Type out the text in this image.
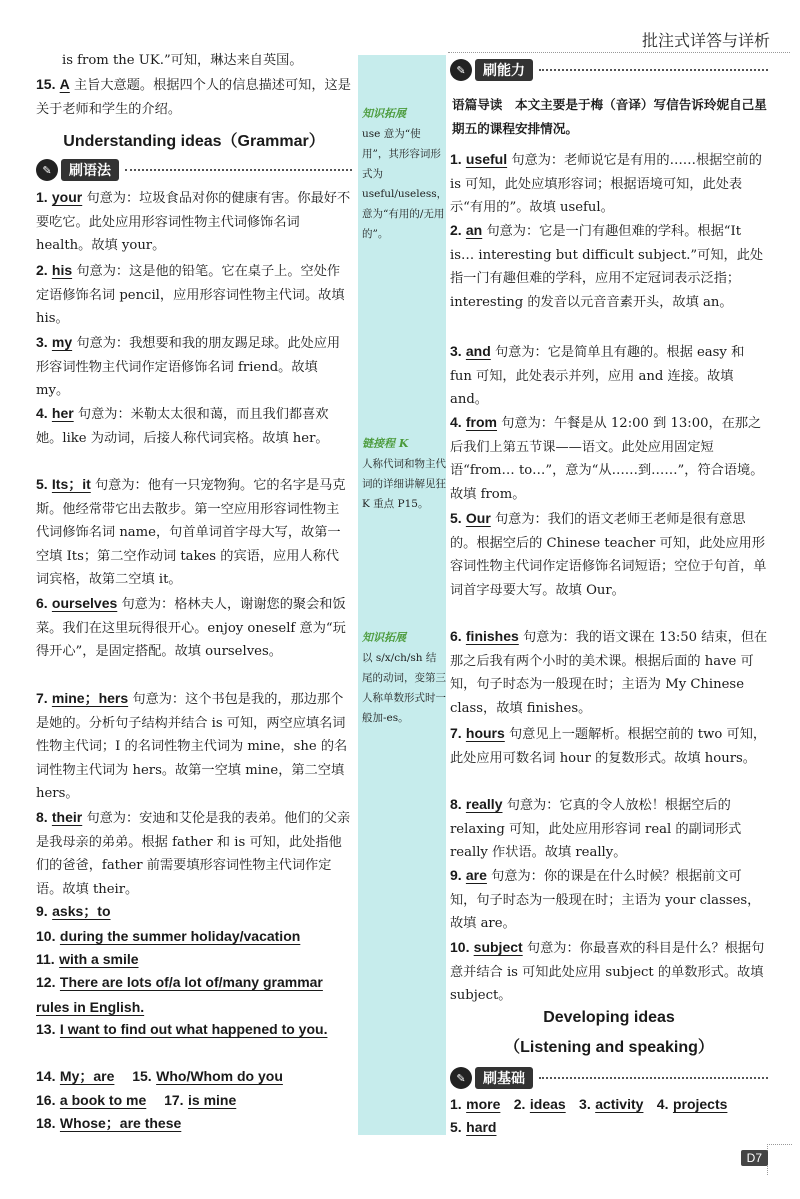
批注式详答与详析
知识拓展
use 意为“使用”，其形容词形式为 useful/useless，意为“有用的/无用的”。
链接程 K
人称代词和物主代词的详细讲解见狂 K 重点 P15。
知识拓展
以 s/x/ch/sh 结尾的动词，变第三人称单数形式时一般加-es。
is from the UK.”可知，琳达来自英国。
15. A 主旨大意题。根据四个人的信息描述可知，这是关于老师和学生的介绍。
Understanding ideas（Grammar）
✎	刷语法
1. your 句意为：垃圾食品对你的健康有害。你最好不要吃它。此处应用形容词性物主代词修饰名词 health。故填 your。
2. his 句意为：这是他的铅笔。它在桌子上。空处作定语修饰名词 pencil，应用形容词性物主代词。故填 his。
3. my 句意为：我想要和我的朋友踢足球。此处应用形容词性物主代词作定语修饰名词 friend。故填 my。
4. her 句意为：米勒太太很和蔼，而且我们都喜欢她。like 为动词，后接人称代词宾格。故填 her。
5. Its；it 句意为：他有一只宠物狗。它的名字是马克斯。他经常带它出去散步。第一空应用形容词性物主代词修饰名词 name，句首单词首字母大写，故第一空填 Its；第二空作动词 takes 的宾语，应用人称代词宾格，故第二空填 it。
6. ourselves 句意为：格林夫人，谢谢您的聚会和饭菜。我们在这里玩得很开心。enjoy oneself 意为“玩得开心”，是固定搭配。故填 ourselves。
7. mine；hers 句意为：这个书包是我的，那边那个是她的。分析句子结构并结合 is 可知，两空应填名词性物主代词；I 的名词性物主代词为 mine，she 的名词性物主代词为 hers。故第一空填 mine，第二空填 hers。
8. their 句意为：安迪和艾伦是我的表弟。他们的父亲是我母亲的弟弟。根据 father 和 is 可知，此处指他们的爸爸，father 前需要填形容词性物主代词作定语。故填 their。
9. asks；to
10. during the summer holiday/vacation
11. with a smile
12. There are lots of/a lot of/many grammar rules in English.
13. I want to find out what happened to you.
14. My；are 15. Who/Whom do you
16. a book to me 17. is mine
18. Whose；are these
✎	刷能力
语篇导读　本文主要是于梅（音译）写信告诉玲妮自己星期五的课程安排情况。
1. useful 句意为：老师说它是有用的……根据空前的 is 可知，此处应填形容词；根据语境可知，此处表示“有用的”。故填 useful。
2. an 句意为：它是一门有趣但难的学科。根据“It is… interesting but difficult subject.”可知，此处指一门有趣但难的学科，应用不定冠词表示泛指；interesting 的发音以元音音素开头，故填 an。
3. and 句意为：它是简单且有趣的。根据 easy 和 fun 可知，此处表示并列，应用 and 连接。故填 and。
4. from 句意为：午餐是从 12:00 到 13:00，在那之后我们上第五节课——语文。此处应用固定短语“from… to…”，意为“从……到……”，符合语境。故填 from。
5. Our 句意为：我们的语文老师王老师是很有意思的。根据空后的 Chinese teacher 可知，此处应用形容词性物主代词作定语修饰名词短语；空位于句首，单词首字母要大写。故填 Our。
6. finishes 句意为：我的语文课在 13:50 结束，但在那之后我有两个小时的美术课。根据后面的 have 可知，句子时态为一般现在时；主语为 My Chinese class，故填 finishes。
7. hours 句意见上一题解析。根据空前的 two 可知，此处应用可数名词 hour 的复数形式。故填 hours。
8. really 句意为：它真的令人放松！根据空后的 relaxing 可知，此处应用形容词 real 的副词形式 really 作状语。故填 really。
9. are 句意为：你的课是在什么时候？根据前文可知，句子时态为一般现在时；主语为 your classes，故填 are。
10. subject 句意为：你最喜欢的科目是什么？根据句意并结合 is 可知此处应用 subject 的单数形式。故填 subject。
Developing ideas
（Listening and speaking）
✎	刷基础
1. more 2. ideas 3. activity 4. projects
5. hard
D7
